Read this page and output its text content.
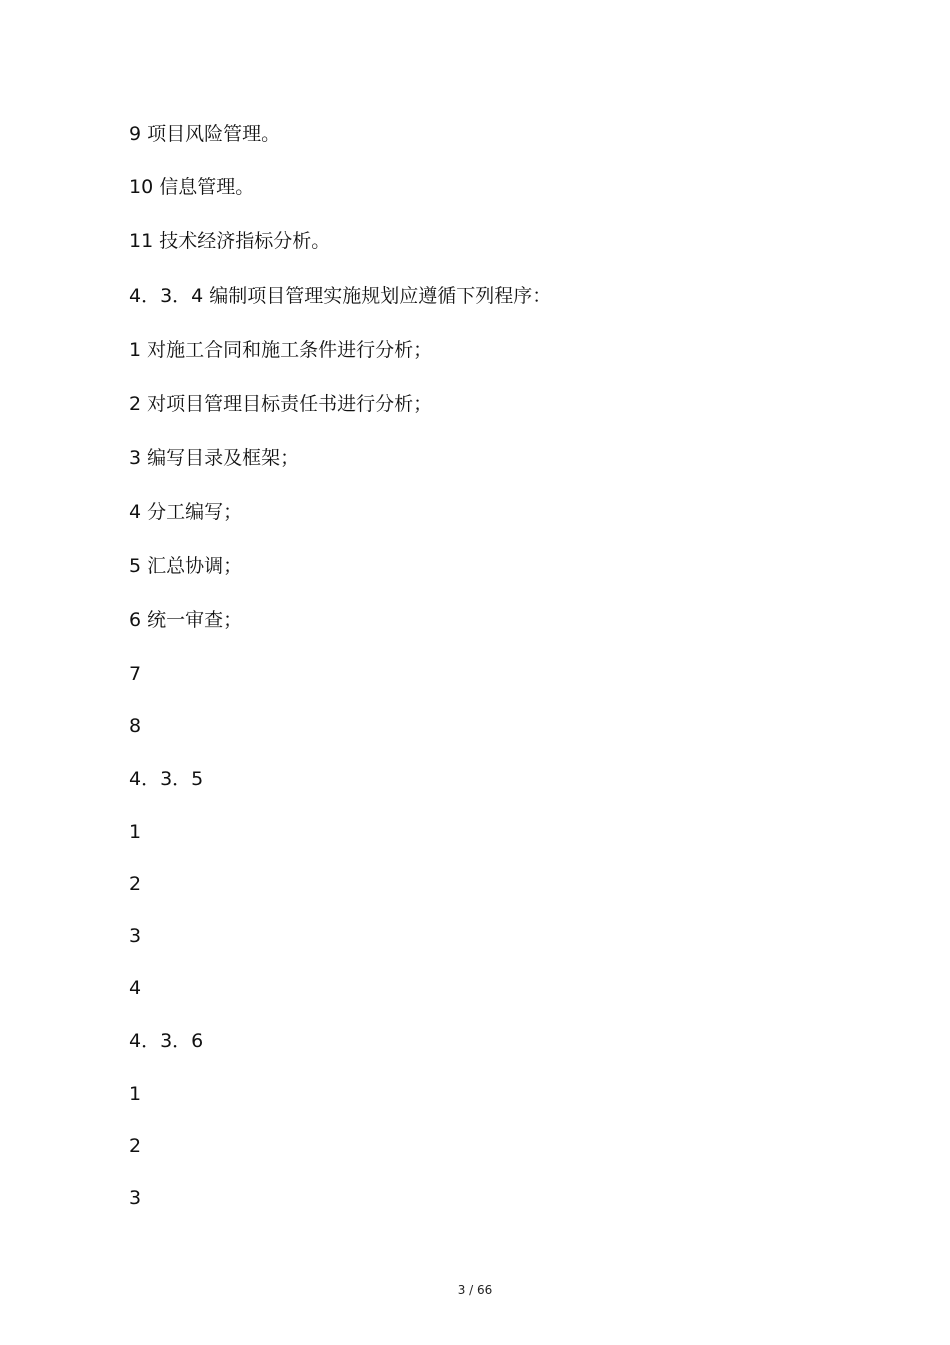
9 项目风险管理。
10 信息管理。
11 技术经济指标分析。
4．3．4 编制项目管理实施规划应遵循下列程序：
1 对施工合同和施工条件进行分析；
2 对项目管理目标责任书进行分析；
3 编写目录及框架；
4 分工编写；
5 汇总协调；
6 统一审查；
7
8
4．3．5
1
2
3
4
4．3．6
1
2
3
3 / 66
